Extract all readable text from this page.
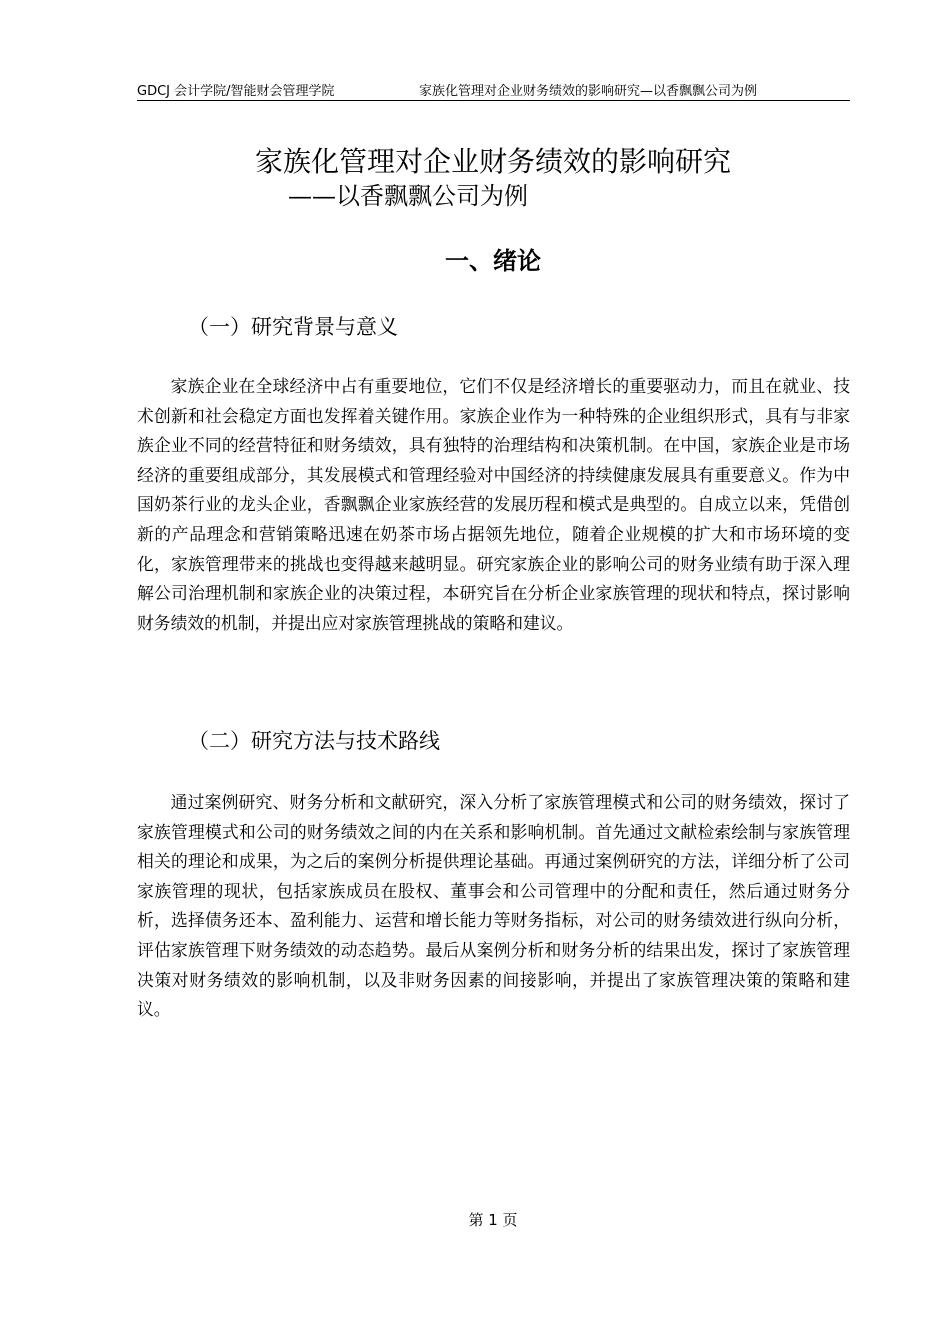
GDCJ 会计学院/智能财会管理学院	家族化管理对企业财务绩效的影响研究—以香飘飘公司为例
家族化管理对企业财务绩效的影响研究
——以香飘飘公司为例
一、绪论
（一）研究背景与意义

家族企业在全球经济中占有重要地位，它们不仅是经济增长的重要驱动力，而且在就业、技术创新和社会稳定方面也发挥着关键作用。家族企业作为一种特殊的企业组织形式，具有与非家族企业不同的经营特征和财务绩效，具有独特的治理结构和决策机制。在中国，家族企业是市场经济的重要组成部分，其发展模式和管理经验对中国经济的持续健康发展具有重要意义。作为中国奶茶行业的龙头企业，香飘飘企业家族经营的发展历程和模式是典型的。自成立以来，凭借创新的产品理念和营销策略迅速在奶茶市场占据领先地位，随着企业规模的扩大和市场环境的变化，家族管理带来的挑战也变得越来越明显。研究家族企业的影响公司的财务业绩有助于深入理解公司治理机制和家族企业的决策过程，本研究旨在分析企业家族管理的现状和特点，探讨影响财务绩效的机制，并提出应对家族管理挑战的策略和建议。

（二）研究方法与技术路线

通过案例研究、财务分析和文献研究，深入分析了家族管理模式和公司的财务绩效，探讨了家族管理模式和公司的财务绩效之间的内在关系和影响机制。首先通过文献检索绘制与家族管理相关的理论和成果，为之后的案例分析提供理论基础。再通过案例研究的方法，详细分析了公司家族管理的现状，包括家族成员在股权、董事会和公司管理中的分配和责任，然后通过财务分析，选择债务还本、盈利能力、运营和增长能力等财务指标，对公司的财务绩效进行纵向分析，评估家族管理下财务绩效的动态趋势。最后从案例分析和财务分析的结果出发，探讨了家族管理决策对财务绩效的影响机制，以及非财务因素的间接影响，并提出了家族管理决策的策略和建议。

第 1 页
